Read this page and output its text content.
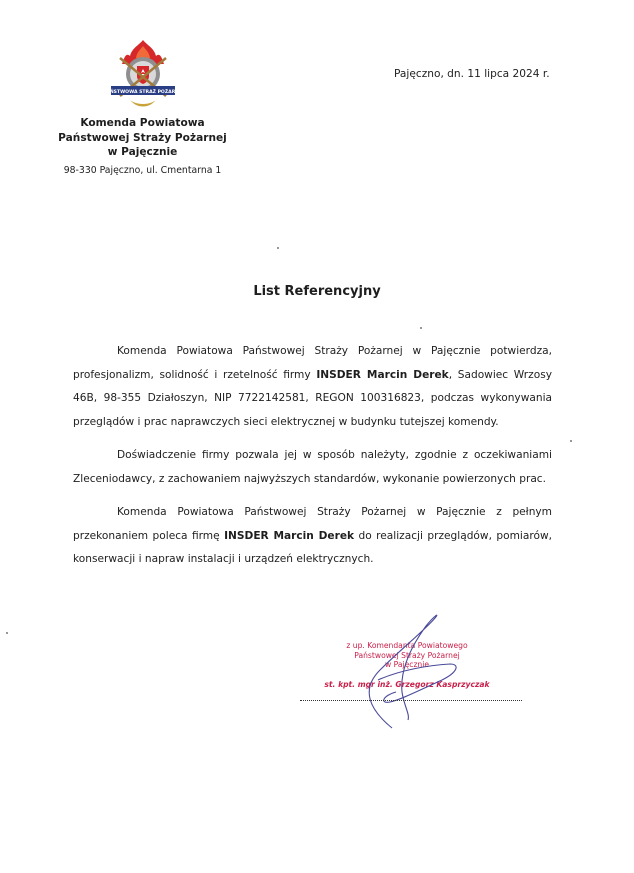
PAŃSTWOWA STRAŻ POŻARNA
Komenda Powiatowa
Państwowej Straży Pożarnej
w Pajęcznie
98-330 Pajęczno, ul. Cmentarna 1
Pajęczno, dn. 11 lipca 2024 r.
List Referencyjny

Komenda Powiatowa Państwowej Straży Pożarnej w Pajęcznie potwierdza, profesjonalizm, solidność i rzetelność firmy INSDER Marcin Derek, Sadowiec Wrzosy 46B, 98-355 Działoszyn, NIP 7722142581, REGON 100316823, podczas wykonywania przeglądów i prac naprawczych sieci elektrycznej w budynku tutejszej komendy.

Doświadczenie firmy pozwala jej w sposób należyty, zgodnie z oczekiwaniami Zleceniodawcy, z zachowaniem najwyższych standardów, wykonanie powierzonych prac.

Komenda Powiatowa Państwowej Straży Pożarnej w Pajęcznie z pełnym przekonaniem poleca firmę INSDER Marcin Derek do realizacji przeglądów, pomiarów, konserwacji i napraw instalacji i urządzeń elektrycznych.

z up. Komendanta Powiatowego
Państwowej Straży Pożarnej
w Pajęcznie
st. kpt. mgr inż. Grzegorz Kasprzyczak
